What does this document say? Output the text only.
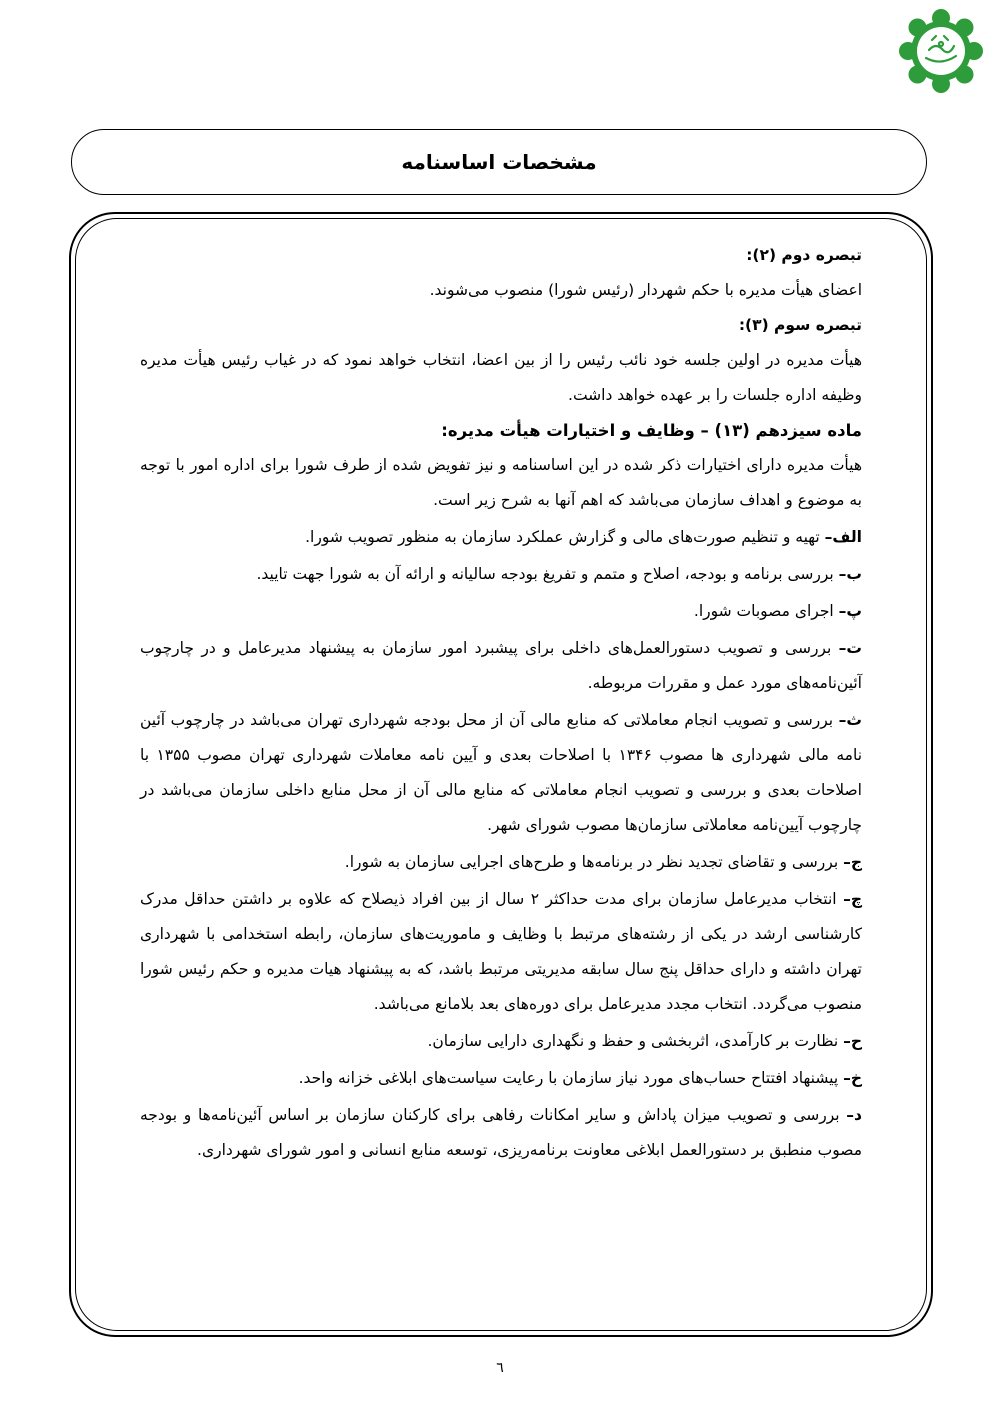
مشخصات اساسنامه

تبصره دوم (۲):

اعضای هیأت مدیره با حکم شهردار (رئیس شورا) منصوب می‌شوند.

تبصره سوم (۳):

هیأت مدیره در اولین جلسه خود نائب رئیس را از بین اعضا، انتخاب خواهد نمود که در غیاب رئیس هیأت مدیره وظیفه اداره جلسات را بر عهده خواهد داشت.

ماده سیزدهم (۱۳) – وظایف و اختیارات هیأت مدیره:

هیأت مدیره دارای اختیارات ذکر شده در این اساسنامه و نیز تفویض شده از طرف شورا برای اداره امور با توجه به موضوع و اهداف سازمان می‌باشد که اهم آنها به شرح زیر است.

الف– تهیه و تنظیم صورت‌های مالی و گزارش عملکرد سازمان به منظور تصویب شورا.

ب– بررسی برنامه و بودجه، اصلاح و متمم و تفریغ بودجه سالیانه و ارائه آن به شورا جهت تایید.

پ– اجرای مصوبات شورا.

ت– بررسی و تصویب دستورالعمل‌های داخلی برای پیشبرد امور سازمان به پیشنهاد مدیرعامل و در چارچوب آئین‌نامه‌های مورد عمل و مقررات مربوطه.

ث– بررسی و تصویب انجام معاملاتی که منابع مالی آن از محل بودجه شهرداری تهران می‌باشد در چارچوب آئین نامه مالی شهرداری ها مصوب ۱۳۴۶ با اصلاحات بعدی و آیین نامه معاملات شهرداری تهران مصوب ۱۳۵۵ با اصلاحات بعدی و بررسی و تصویب انجام معاملاتی که منابع مالی آن از محل منابع داخلی سازمان می‌باشد در چارچوب آیین‌نامه معاملاتی سازمان‌ها مصوب شورای شهر.

ج– بررسی و تقاضای تجدید نظر در برنامه‌ها و طرح‌های اجرایی سازمان به شورا.

چ– انتخاب مدیرعامل سازمان برای مدت حداکثر ۲ سال از بین افراد ذیصلاح که علاوه بر داشتن حداقل مدرک کارشناسی ارشد در یکی از رشته‌های مرتبط با وظایف و ماموریت‌های سازمان، رابطه استخدامی با شهرداری تهران داشته و دارای حداقل پنج سال سابقه مدیریتی مرتبط باشد، که به پیشنهاد هیات مدیره و حکم رئیس شورا منصوب می‌گردد. انتخاب مجدد مدیرعامل برای دوره‌های بعد بلامانع می‌باشد.

ح– نظارت بر کارآمدی، اثربخشی و حفظ و نگهداری دارایی سازمان.

خ– پیشنهاد افتتاح حساب‌های مورد نیاز سازمان با رعایت سیاست‌های ابلاغی خزانه واحد.

د– بررسی و تصویب میزان پاداش و سایر امکانات رفاهی برای کارکنان سازمان بر اساس آئین‌نامه‌ها و بودجه مصوب منطبق بر دستورالعمل ابلاغی معاونت برنامه‌ریزی، توسعه منابع انسانی و امور شورای شهرداری.

٦
